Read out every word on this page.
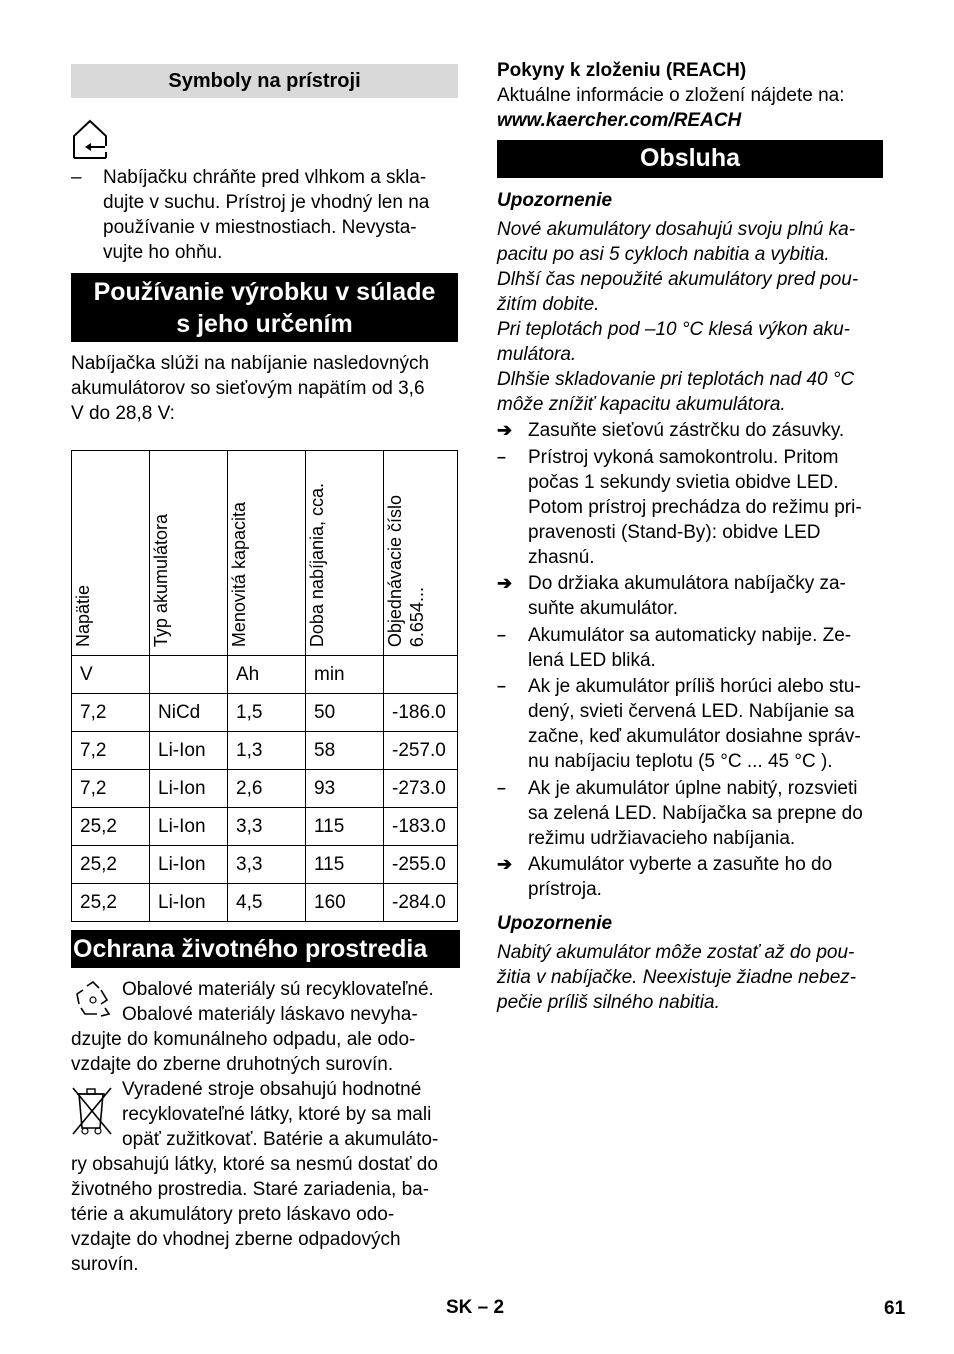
Symboly na prístroji
– Nabíjačku chráňte pred vlhkom a skla-
dujte v suchu. Prístroj je vhodný len na
používanie v miestnostiach. Nevysta-
vujte ho ohňu.
Používanie výrobku v súlade
s jeho určením
Nabíjačka slúži na nabíjanie nasledovných
akumulátorov so sieťovým napätím od 3,6
V do 28,8 V:
Napätie	Typ akumulátora	Menovitá kapacita	Doba nabíjania, cca.	Objednávacie číslo 6.654...

V		Ah	min	
7,2	NiCd	1,5	50	-186.0
7,2	Li-Ion	1,3	58	-257.0
7,2	Li-Ion	2,6	93	-273.0
25,2	Li-Ion	3,3	115	-183.0
25,2	Li-Ion	3,3	115	-255.0
25,2	Li-Ion	4,5	160	-284.0
Ochrana životného prostredia
Obalové materiály sú recyklovateľné.
Obalové materiály láskavo nevyha-
dzujte do komunálneho odpadu, ale odo-
vzdajte do zberne druhotných surovín.
Vyradené stroje obsahujú hodnotné
recyklovateľné látky, ktoré by sa mali
opäť zužitkovať. Batérie a akumuláto-
ry obsahujú látky, ktoré sa nesmú dostať do
životného prostredia. Staré zariadenia, ba-
térie a akumulátory preto láskavo odo-
vzdajte do vhodnej zberne odpadových
surovín.
Pokyny k zloženiu (REACH)
Aktuálne informácie o zložení nájdete na:
www.kaercher.com/REACH
Obsluha
Upozornenie
Nové akumulátory dosahujú svoju plnú ka-
pacitu po asi 5 cykloch nabitia a vybitia.
Dlhší čas nepoužité akumulátory pred pou-
žitím dobite.
Pri teplotách pod –10 °C klesá výkon aku-
mulátora.
Dlhšie skladovanie pri teplotách nad 40 °C
môže znížiť kapacitu akumulátora.
➔ Zasuňte sieťovú zástrčku do zásuvky.
– Prístroj vykoná samokontrolu. Pritom
počas 1 sekundy svietia obidve LED.
Potom prístroj prechádza do režimu pri-
pravenosti (Stand-By): obidve LED
zhasnú.
➔ Do držiaka akumulátora nabíjačky za-
suňte akumulátor.
– Akumulátor sa automaticky nabije. Ze-
lená LED bliká.
– Ak je akumulátor príliš horúci alebo stu-
dený, svieti červená LED. Nabíjanie sa
začne, keď akumulátor dosiahne správ-
nu nabíjaciu teplotu (5 °C ... 45 °C ).
– Ak je akumulátor úplne nabitý, rozsvieti
sa zelená LED. Nabíjačka sa prepne do
režimu udržiavacieho nabíjania.
➔ Akumulátor vyberte a zasuňte ho do
prístroja.
Upozornenie
Nabitý akumulátor môže zostať až do pou-
žitia v nabíjačke. Neexistuje žiadne nebez-
pečie príliš silného nabitia.
SK – 2	61
